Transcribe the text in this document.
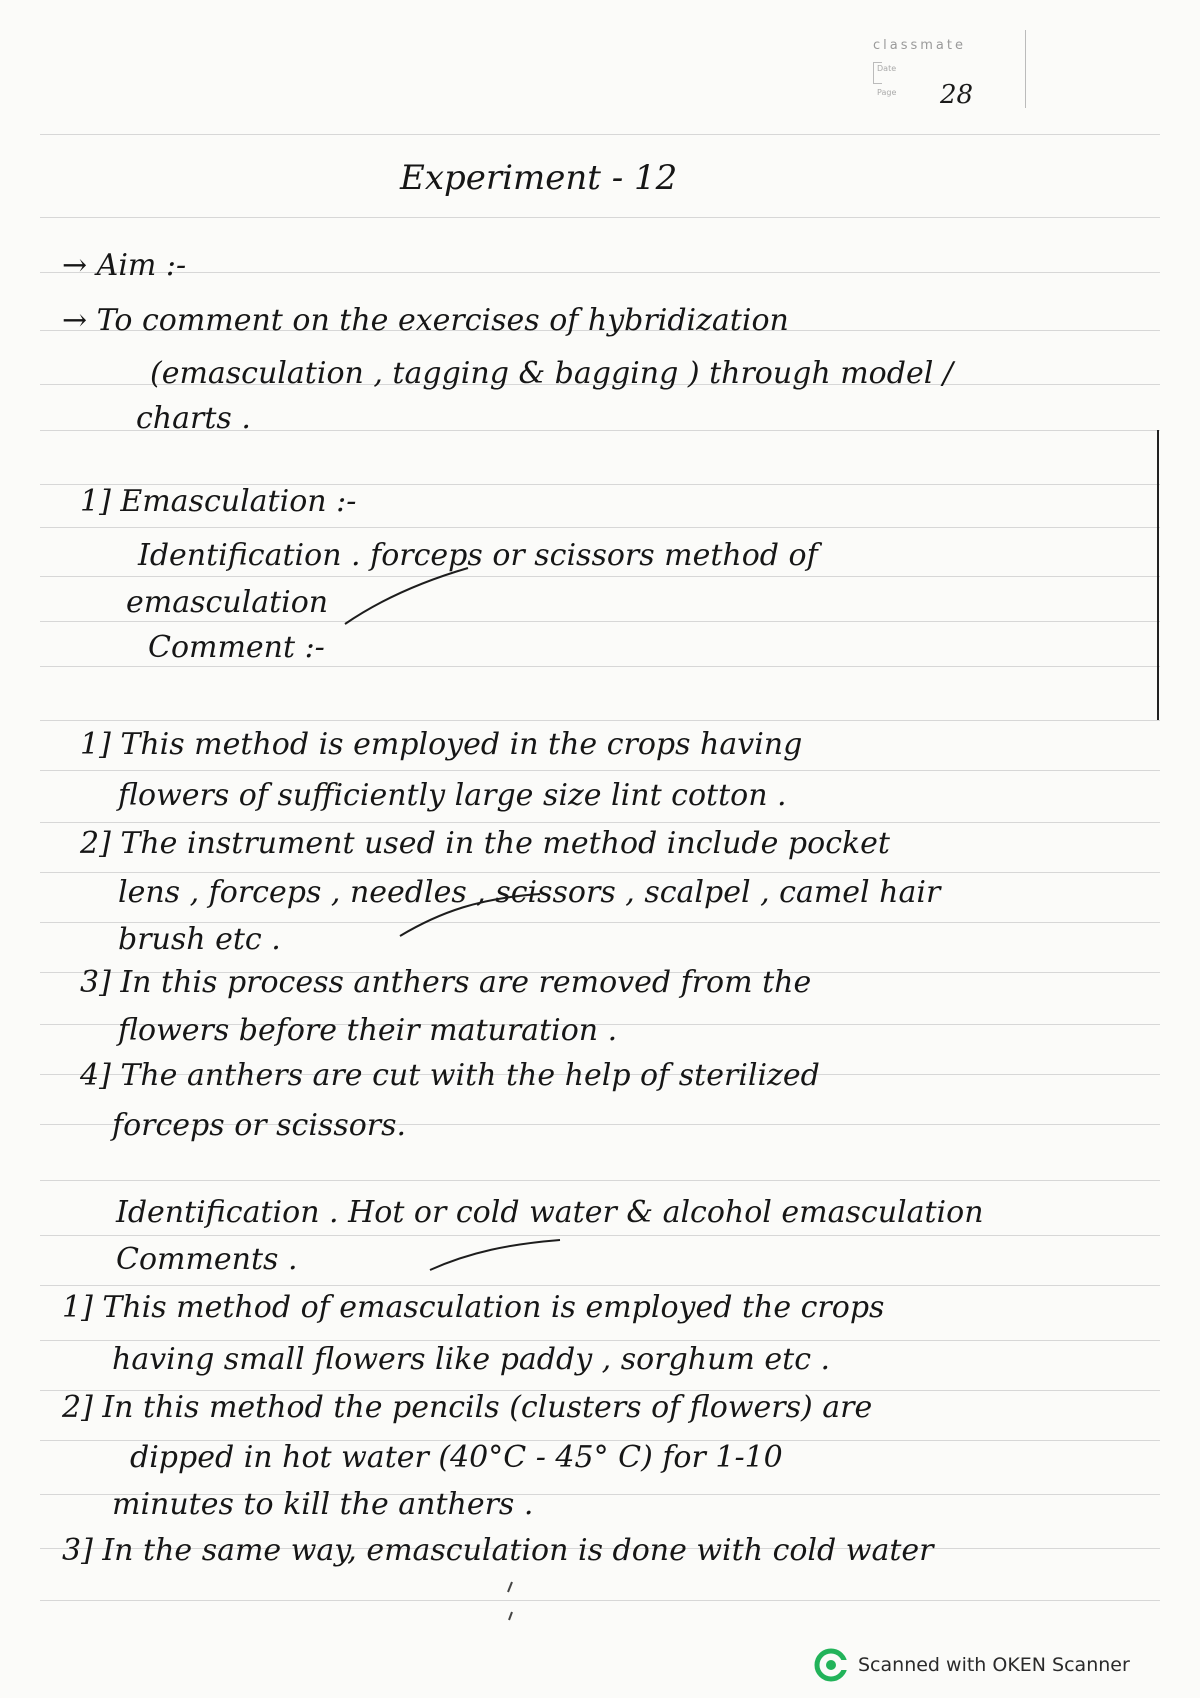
classmate
Date
Page 28
Experiment - 12
→ Aim :-
→ To comment on the exercises of hybridization
(emasculation , tagging & bagging ) through model /
charts .
1] Emasculation :-
Identification . forceps or scissors method of
emasculation
Comment :-
1] This method is employed in the crops having
flowers of sufficiently large size lint cotton .
2] The instrument used in the method include pocket
lens , forceps , needles , scissors , scalpel , camel hair
brush etc .
3] In this process anthers are removed from the
flowers before their maturation .
4] The anthers are cut with the help of sterilized
forceps or scissors.
Identification . Hot or cold water & alcohol emasculation
Comments .
1] This method of emasculation is employed the crops
having small flowers like paddy , sorghum etc .
2] In this method the pencils (clusters of flowers) are
dipped in hot water (40°C - 45° C) for 1-10
minutes to kill the anthers .
3] In the same way, emasculation is done with cold water
Scanned with OKEN Scanner
